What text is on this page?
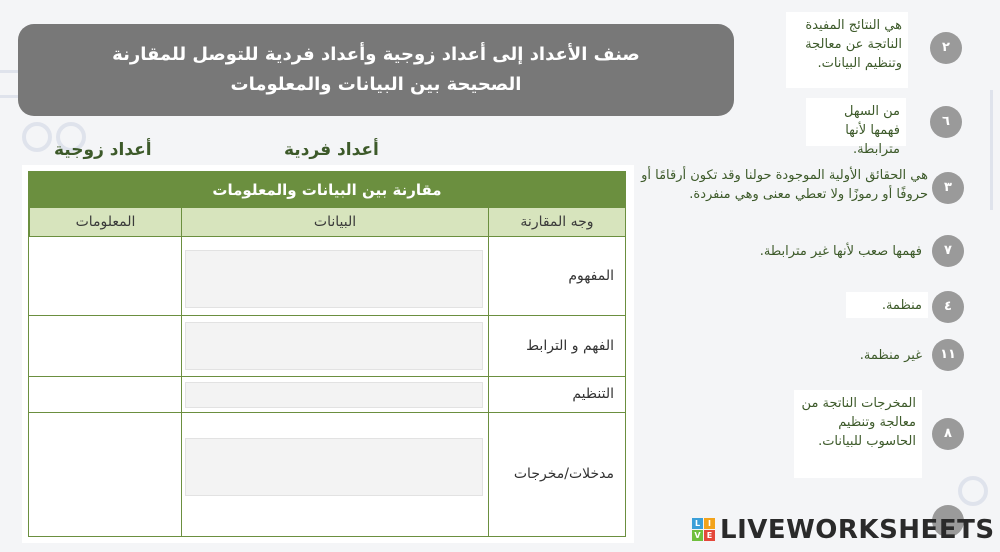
صنف الأعداد إلى أعداد زوجية وأعداد فردية للتوصل للمقارنة
الصحيحة بين البيانات والمعلومات
أعداد زوجية	أعداد فردية
مقارنة بين البيانات والمعلومات
المعلومات	البيانات	وجه المقارنة
المفهوم
الفهم و الترابط
التنظيم
مدخلات/مخرجات
هي النتائج المفيدة الناتجة عن معالجة وتنظيم البيانات.
٢
من السهل فهمها لأنها مترابطة.
٦
هي الحقائق الأولية الموجودة حولنا وقد تكون أرقامًا أو حروفًا أو رموزًا ولا تعطي معنى وهي منفردة.	٣
فهمها صعب لأنها غير مترابطة.	٧
منظمة.	٤
غير منظمة.	١١
المخرجات الناتجة من معالجة وتنظيم الحاسوب للبيانات.
٨
L I
V E LIVEWORKSHEETS
